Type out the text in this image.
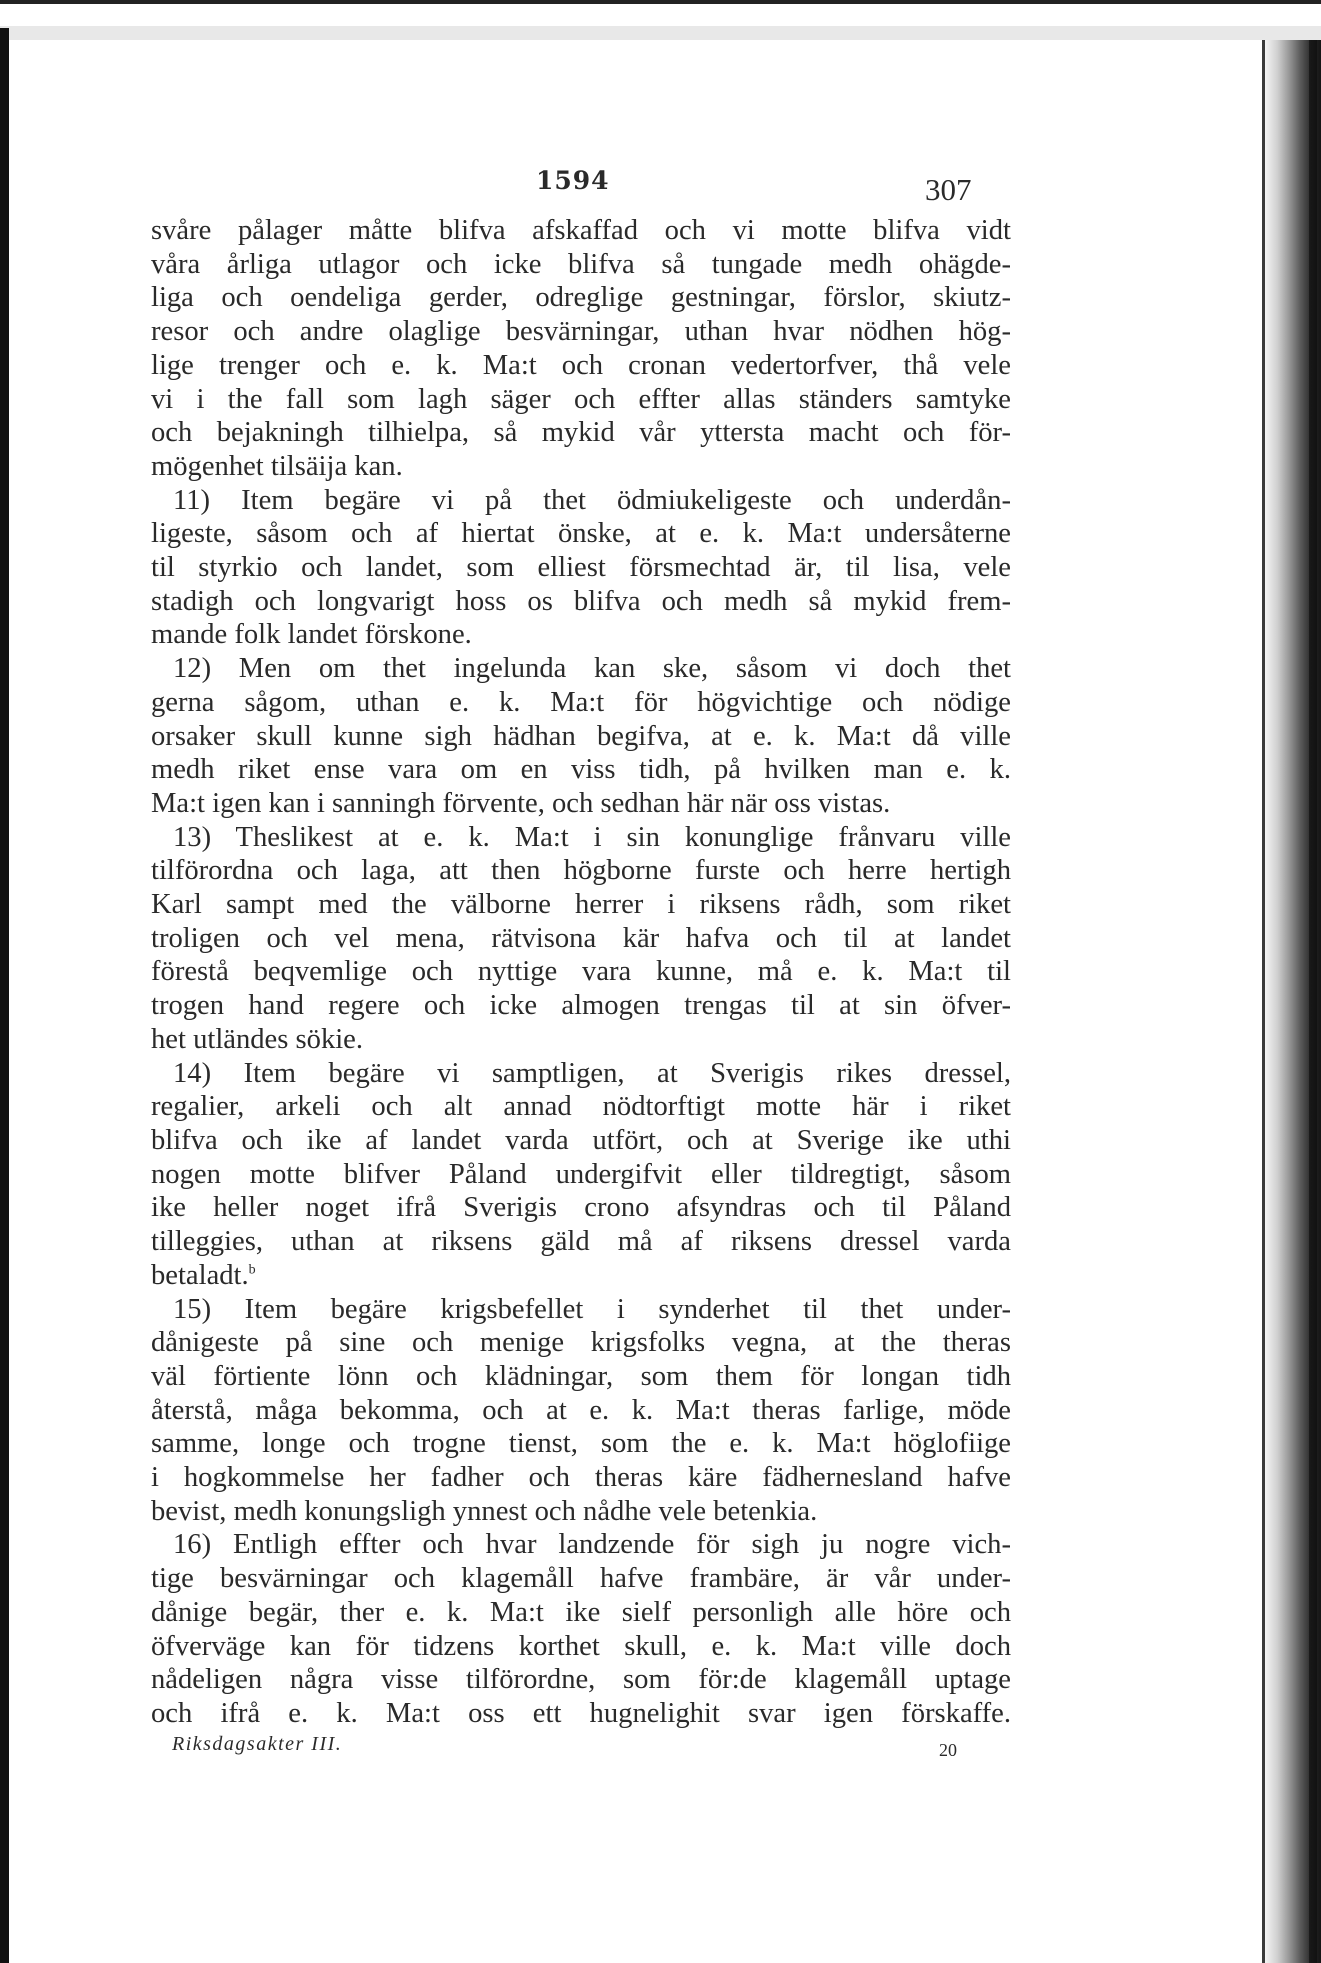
1594	307
svåre pålager måtte blifva afskaffad och vi motte blifva vidt
våra årliga utlagor och icke blifva så tungade medh ohägde-
liga och oendeliga gerder, odreglige gestningar, förslor, skiutz-
resor och andre olaglige besvärningar, uthan hvar nödhen hög-
lige trenger och e. k. Ma:t och cronan vedertorfver, thå vele
vi i the fall som lagh säger och effter allas ständers samtyke
och bejakningh tilhielpa, så mykid vår yttersta macht och för-
mögenhet tilsäija kan.
11) Item begäre vi på thet ödmiukeligeste och underdån-
ligeste, såsom och af hiertat önske, at e. k. Ma:t undersåterne
til styrkio och landet, som elliest försmechtad är, til lisa, vele
stadigh och longvarigt hoss os blifva och medh så mykid frem-
mande folk landet förskone.
12) Men om thet ingelunda kan ske, såsom vi doch thet
gerna sågom, uthan e. k. Ma:t för högvichtige och nödige
orsaker skull kunne sigh hädhan begifva, at e. k. Ma:t då ville
medh riket ense vara om en viss tidh, på hvilken man e. k.
Ma:t igen kan i sanningh förvente, och sedhan här när oss vistas.
13) Theslikest at e. k. Ma:t i sin konunglige frånvaru ville
tilförordna och laga, att then högborne furste och herre hertigh
Karl sampt med the välborne herrer i riksens rådh, som riket
troligen och vel mena, rätvisona kär hafva och til at landet
förestå beqvemlige och nyttige vara kunne, må e. k. Ma:t til
trogen hand regere och icke almogen trengas til at sin öfver-
het utländes sökie.
14) Item begäre vi samptligen, at Sverigis rikes dressel,
regalier, arkeli och alt annad nödtorftigt motte här i riket
blifva och ike af landet varda utfört, och at Sverige ike uthi
nogen motte blifver Påland undergifvit eller tildregtigt, såsom
ike heller noget ifrå Sverigis crono afsyndras och til Påland
tilleggies, uthan at riksens gäld må af riksens dressel varda
betaladt.$^b$
15) Item begäre krigsbefellet i synderhet til thet under-
dånigeste på sine och menige krigsfolks vegna, at the theras
väl förtiente lönn och klädningar, som them för longan tidh
återstå, måga bekomma, och at e. k. Ma:t theras farlige, möde
samme, longe och trogne tienst, som the e. k. Ma:t höglofiige
i hogkommelse her fadher och theras käre fädhernesland hafve
bevist, medh konungsligh ynnest och nådhe vele betenkia.
16) Entligh effter och hvar landzende för sigh ju nogre vich-
tige besvärningar och klagemåll hafve frambäre, är vår under-
dånige begär, ther e. k. Ma:t ike sielf personligh alle höre och
öfverväge kan för tidzens korthet skull, e. k. Ma:t ville doch
nådeligen några visse tilförordne, som för:de klagemåll uptage
och ifrå e. k. Ma:t oss ett hugnelighit svar igen förskaffe.
Riksdagsakter III.	20
